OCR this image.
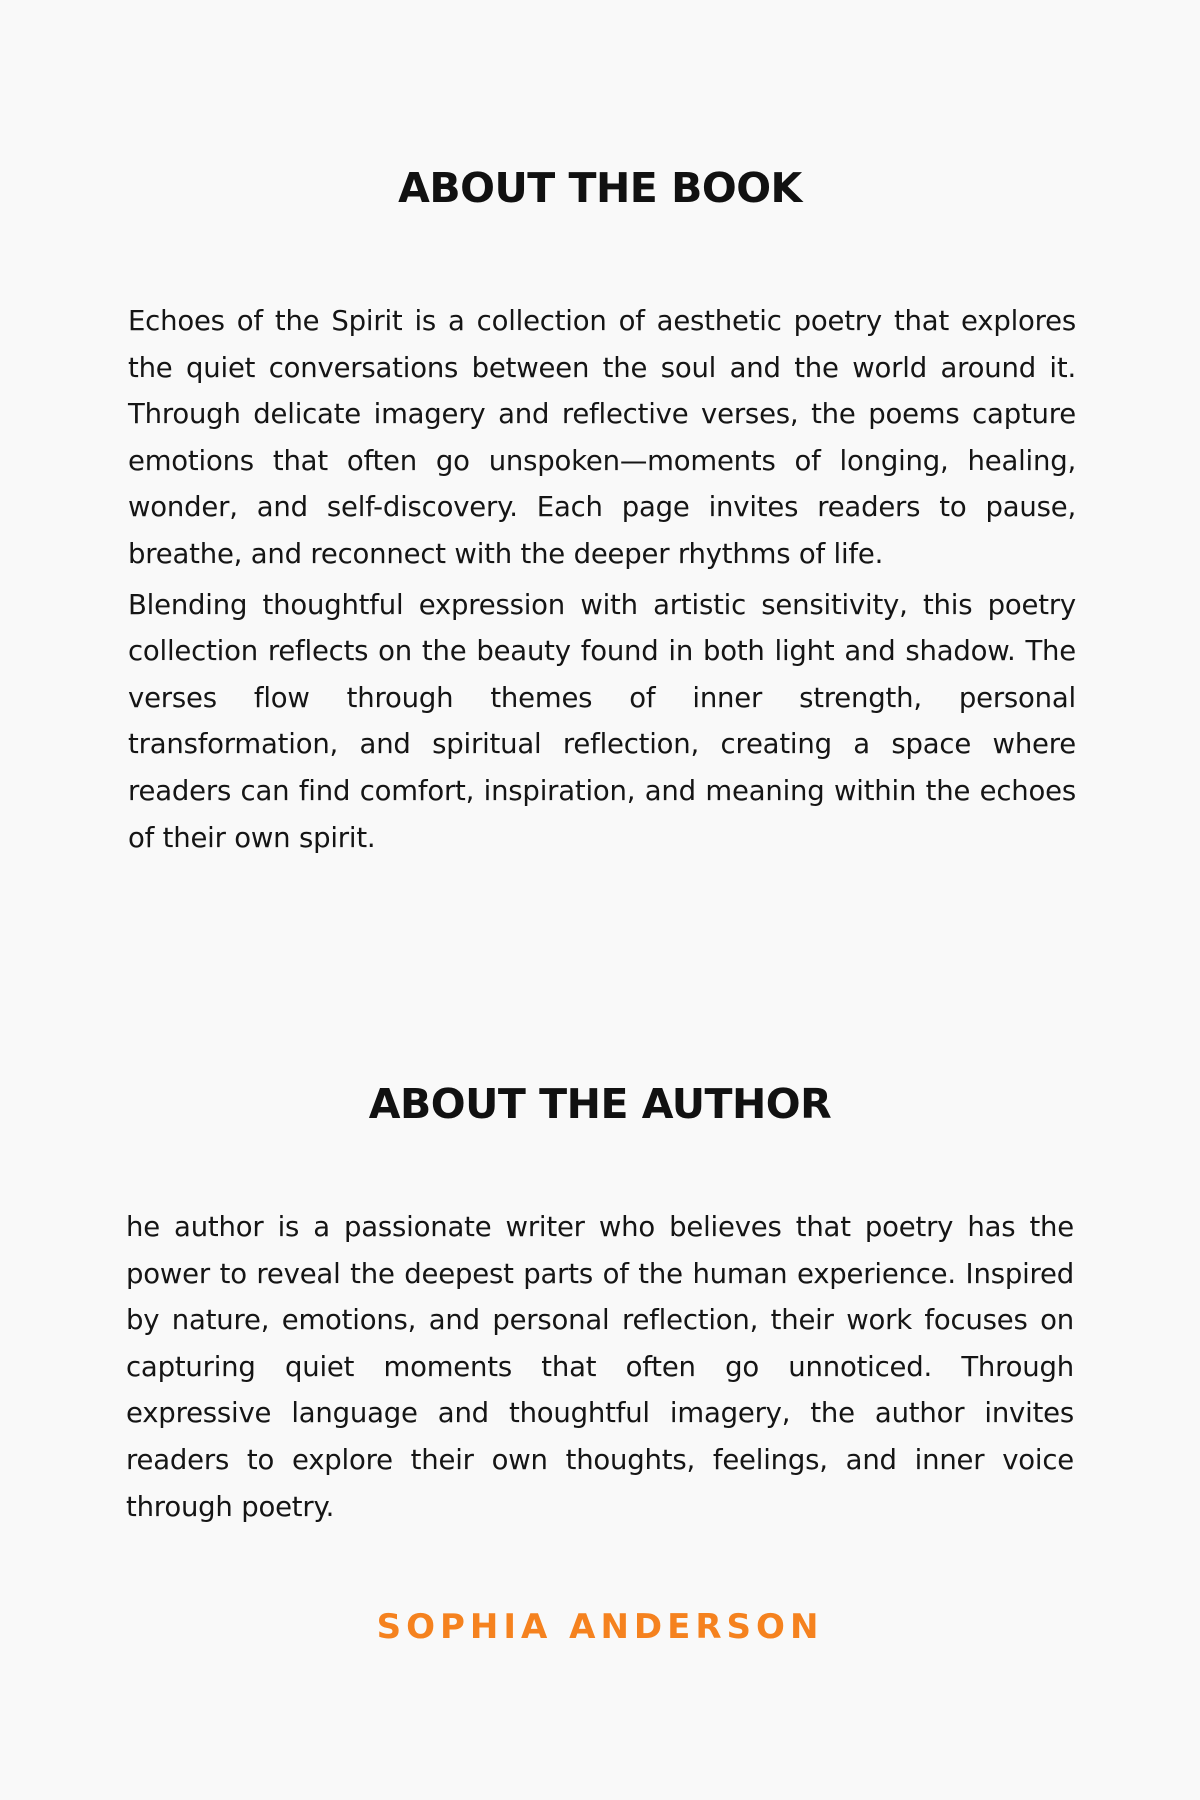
ABOUT THE BOOK

Echoes of the Spirit is a collection of aesthetic poetry that explores the quiet conversations between the soul and the world around it. Through delicate imagery and reflective verses, the poems capture emotions that often go unspoken—moments of longing, healing, wonder, and self-discovery. Each page invites readers to pause, breathe, and reconnect with the deeper rhythms of life.

Blending thoughtful expression with artistic sensitivity, this poetry collection reflects on the beauty found in both light and shadow. The verses flow through themes of inner strength, personal transformation, and spiritual reflection, creating a space where readers can find comfort, inspiration, and meaning within the echoes of their own spirit.

ABOUT THE AUTHOR

he author is a passionate writer who believes that poetry has the power to reveal the deepest parts of the human experience. Inspired by nature, emotions, and personal reflection, their work focuses on capturing quiet moments that often go unnoticed. Through expressive language and thoughtful imagery, the author invites readers to explore their own thoughts, feelings, and inner voice through poetry.

SOPHIA ANDERSON
